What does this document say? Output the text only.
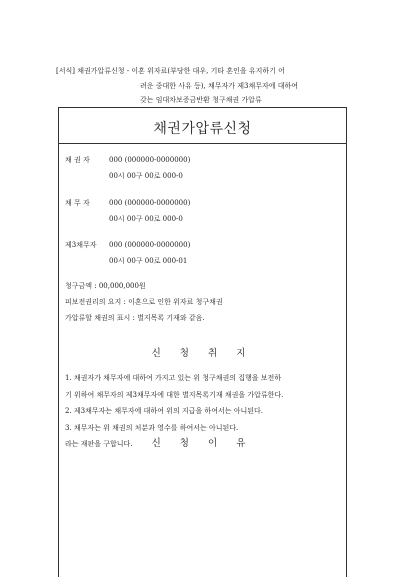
[서식] 채권가압류신청 - 이혼 위자료(부당한 대우, 기타 혼인을 유지하기 어
려운 중대한 사유 등), 채무자가 제3채무자에 대하여
갖는 임대차보증금반환 청구채권 가압류
채권가압류신청
채 권 자	000 (000000-0000000)
00시 00구 00로 000-0
채 무 자	000 (000000-0000000)
00시 00구 00로 000-0
제3채무자	000 (000000-0000000)
00시 00구 00로 000-01
청구금액 : 00,000,000원
피보전권리의 요지 : 이혼으로 인한 위자료 청구채권
가압류할 채권의 표시 : 별지목록 기재와 같음.
신 청 취 지
1. 채권자가 채무자에 대하여 가지고 있는 위 청구채권의 집행을 보전하
기 위하여 채무자의 제3채무자에 대한 별지목록기재 채권을 가압류한다.
2. 제3채무자는 채무자에 대하여 위의 지급을 하여서는 아니된다.
3. 채무자는 위 채권의 처분과 영수를 하여서는 아니된다.
라는 재판을 구합니다.	신 청 이 유
